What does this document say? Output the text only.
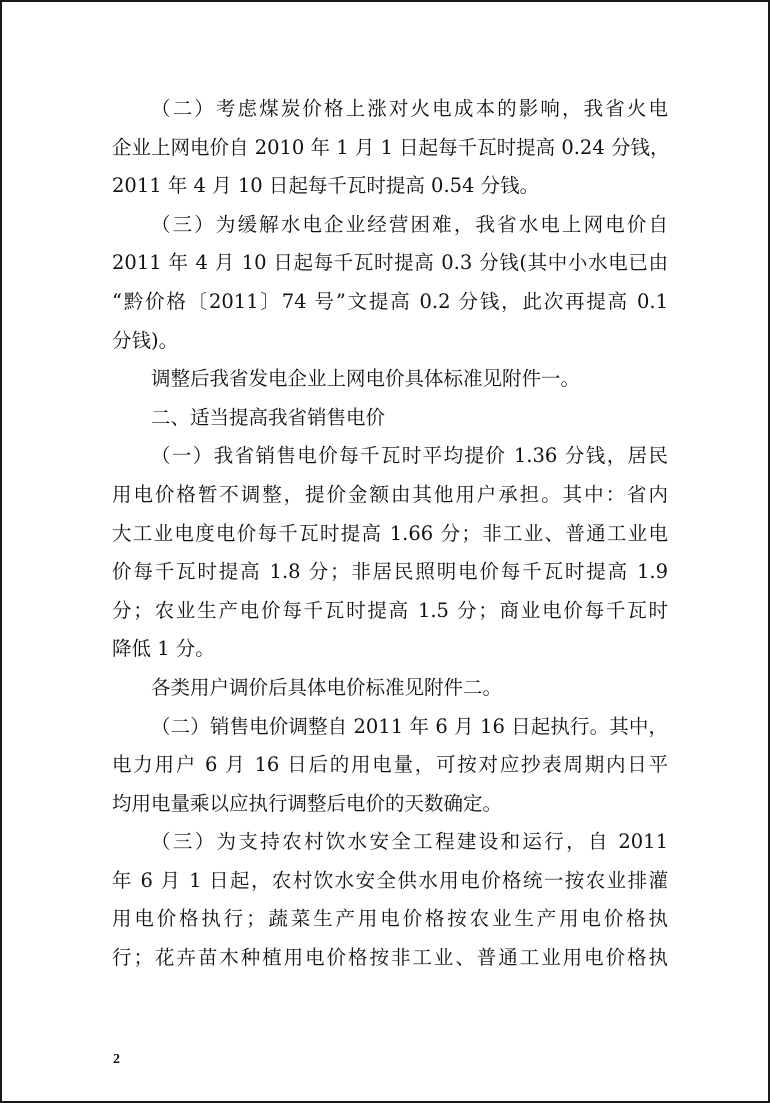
（二）考虑煤炭价格上涨对火电成本的影响，我省火电
企业上网电价自 2010 年 1 月 1 日起每千瓦时提高 0.24 分钱，
2011 年 4 月 10 日起每千瓦时提高 0.54 分钱。
（三）为缓解水电企业经营困难，我省水电上网电价自
2011 年 4 月 10 日起每千瓦时提高 0.3 分钱(其中小水电已由
“黔价格〔2011〕74 号”文提高 0.2 分钱，此次再提高 0.1
分钱)。
调整后我省发电企业上网电价具体标准见附件一。
二、适当提高我省销售电价
（一）我省销售电价每千瓦时平均提价 1.36 分钱，居民
用电价格暂不调整，提价金额由其他用户承担。其中：省内
大工业电度电价每千瓦时提高 1.66 分；非工业、普通工业电
价每千瓦时提高 1.8 分；非居民照明电价每千瓦时提高 1.9
分；农业生产电价每千瓦时提高 1.5 分；商业电价每千瓦时
降低 1 分。
各类用户调价后具体电价标准见附件二。
（二）销售电价调整自 2011 年 6 月 16 日起执行。其中，
电力用户 6 月 16 日后的用电量，可按对应抄表周期内日平
均用电量乘以应执行调整后电价的天数确定。
（三）为支持农村饮水安全工程建设和运行，自 2011
年 6 月 1 日起，农村饮水安全供水用电价格统一按农业排灌
用电价格执行；蔬菜生产用电价格按农业生产用电价格执
行；花卉苗木种植用电价格按非工业、普通工业用电价格执
2
